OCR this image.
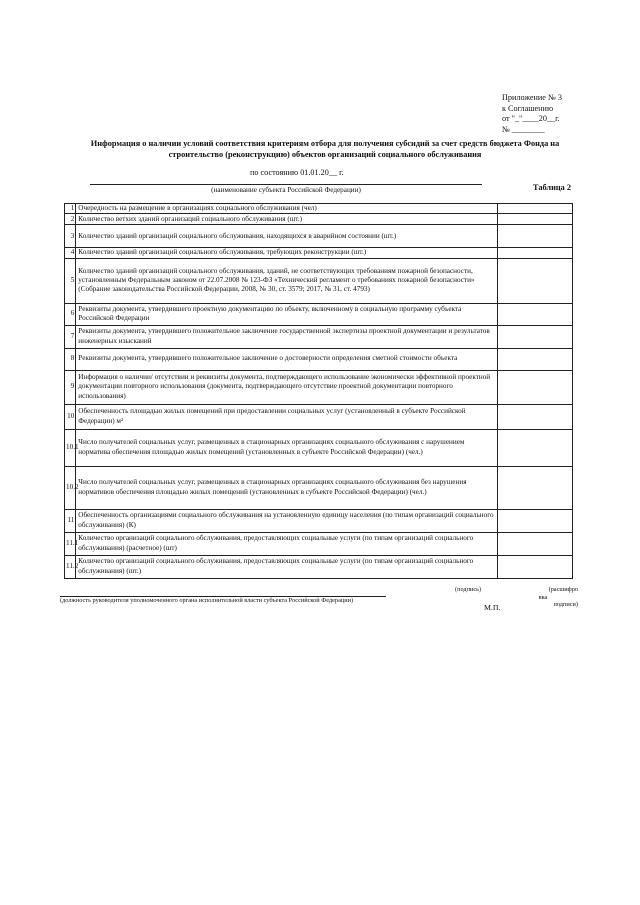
Приложение № 3
к Соглашению
от "_"____20__г.
№ ________
Информация о наличии условий соответствия критериям отбора для получения субсидий за счет средств бюджета Фонда на строительство (реконструкцию) объектов организаций социального обслуживания
по состоянию 01.01.20__ г.
(наименование субъекта Российской Федерации)	Таблица 2
1	Очередность на размещение в организациях социального обслуживания (чел)	
2	Количество ветхих зданий организаций социального обслуживания (шт.)	
3	Количество зданий организаций социального обслуживания, находящихся в аварийном состоянии (шт.)	
4	Количество зданий организаций социального обслуживания, требующих реконструкции (шт.)	
5	Количество зданий организаций социального обслуживания, зданий, не соответствующих требованиям пожарной безопасности, установленным Федеральным законом от 22.07.2008 № 123-ФЗ «Технический регламент о требованиях пожарной безопасности» (Собрание законодательства Российской Федерации, 2008, № 30, ст. 3579; 2017, № 31, ст. 4793)	
6	Реквизиты документа, утвердившего проектную документацию по объекту, включенному в социальную программу субъекта Российской Федерации	
7	Реквизиты документа, утвердившего положительное заключение государственной экспертизы проектной документации и результатов инженерных изысканий	
8	Реквизиты документа, утвердившего положительное заключение о достоверности определения сметной стоимости объекта	
9	Информация о наличии/ отсутствии и реквизиты документа, подтверждающего использование экономически эффективной проектной документации повторного использования (документа, подтверждающего отсутствие проектной документации повторного использования)	
10	Обеспеченность площадью жилых помещений при предоставлении социальных услуг (установленный в субъекте Российской Федерации) м²	
10.1	Число получателей социальных услуг, размещенных в стационарных организациях социального обслуживания с нарушением норматива обеспечения площадью жилых помещений (установленных в субъекте Российской Федерации) (чел.)	
10.2	Число получателей социальных услуг, размещенных в стационарных организациях социального обслуживания без нарушения нормативов обеспечения площадью жилых помещений (установленных в субъекте Российской Федерации) (чел.)	
11	Обеспеченность организациями социального обслуживания на установленную единицу населения (по типам организаций социального обслуживания) (К)	
11.1	Количество организаций социального обслуживания, предоставляющих социальные услуги (по типам организаций социального обслуживания) (расчетное) (шт)	
11.2	Количество организаций социального обслуживания, предоставляющих социальные услуги (по типам организаций социального обслуживания) (шт.)	
(должность руководителя уполномоченного органа исполнительной власти субъекта Российской Федерации)
М.П.
(подпись)	(расшифро
вка
подписи)
